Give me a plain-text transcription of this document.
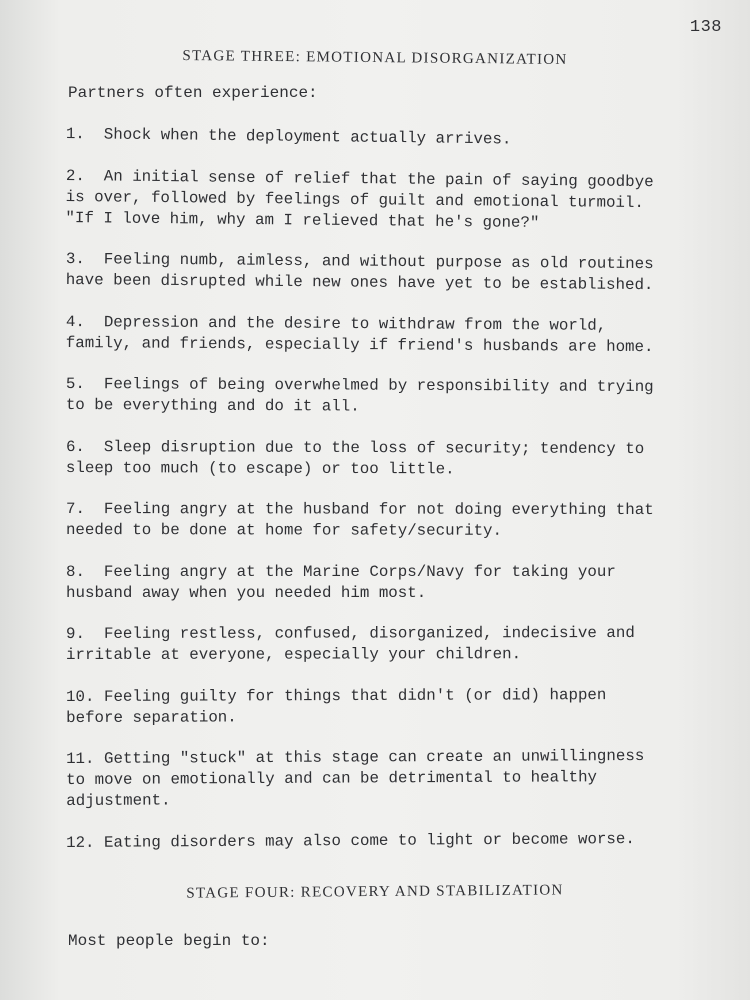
138
STAGE THREE: EMOTIONAL DISORGANIZATION
Partners often experience:
1.  Shock when the deployment actually arrives.
2.  An initial sense of relief that the pain of saying goodbye
is over, followed by feelings of guilt and emotional turmoil.
"If I love him, why am I relieved that he's gone?"
3.  Feeling numb, aimless, and without purpose as old routines
have been disrupted while new ones have yet to be established.
4.  Depression and the desire to withdraw from the world,
family, and friends, especially if friend's husbands are home.
5.  Feelings of being overwhelmed by responsibility and trying
to be everything and do it all.
6.  Sleep disruption due to the loss of security; tendency to
sleep too much (to escape) or too little.
7.  Feeling angry at the husband for not doing everything that
needed to be done at home for safety/security.
8.  Feeling angry at the Marine Corps/Navy for taking your
husband away when you needed him most.
9.  Feeling restless, confused, disorganized, indecisive and
irritable at everyone, especially your children.
10. Feeling guilty for things that didn't (or did) happen
before separation.
11. Getting "stuck" at this stage can create an unwillingness
to move on emotionally and can be detrimental to healthy
adjustment.
12. Eating disorders may also come to light or become worse.
STAGE FOUR: RECOVERY AND STABILIZATION
Most people begin to:
